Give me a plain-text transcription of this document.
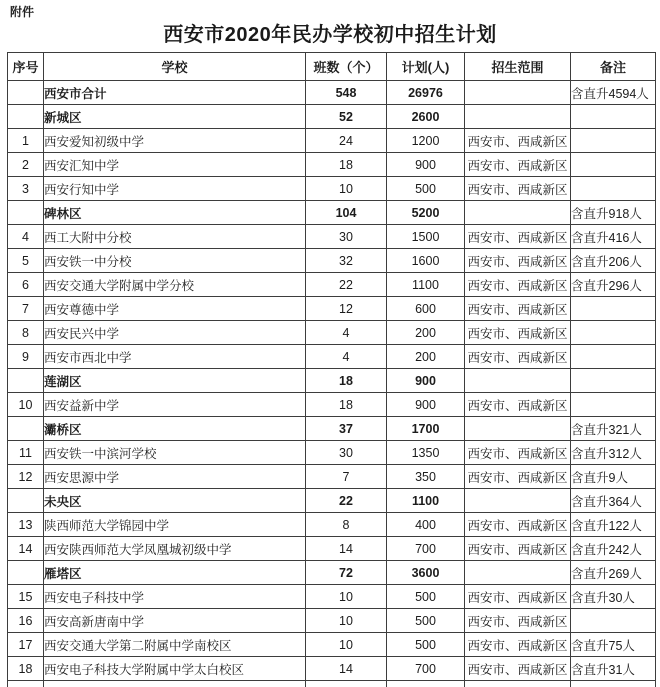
附件
西安市2020年民办学校初中招生计划
序号	学校	班数（个）	计划(人)	招生范围	备注
	西安市合计	548	26976		含直升4594人
	新城区	52	2600		
1	西安爱知初级中学	24	1200	西安市、西咸新区	
2	西安汇知中学	18	900	西安市、西咸新区	
3	西安行知中学	10	500	西安市、西咸新区	
	碑林区	104	5200		含直升918人
4	西工大附中分校	30	1500	西安市、西咸新区	含直升416人
5	西安铁一中分校	32	1600	西安市、西咸新区	含直升206人
6	西安交通大学附属中学分校	22	1100	西安市、西咸新区	含直升296人
7	西安尊德中学	12	600	西安市、西咸新区	
8	西安民兴中学	4	200	西安市、西咸新区	
9	西安市西北中学	4	200	西安市、西咸新区	
	莲湖区	18	900		
10	西安益新中学	18	900	西安市、西咸新区	
	灞桥区	37	1700		含直升321人
11	西安铁一中滨河学校	30	1350	西安市、西咸新区	含直升312人
12	西安思源中学	7	350	西安市、西咸新区	含直升9人
	未央区	22	1100		含直升364人
13	陕西师范大学锦园中学	8	400	西安市、西咸新区	含直升122人
14	西安陕西师范大学凤凰城初级中学	14	700	西安市、西咸新区	含直升242人
	雁塔区	72	3600		含直升269人
15	西安电子科技中学	10	500	西安市、西咸新区	含直升30人
16	西安高新唐南中学	10	500	西安市、西咸新区	
17	西安交通大学第二附属中学南校区	10	500	西安市、西咸新区	含直升75人
18	西安电子科技大学附属中学太白校区	14	700	西安市、西咸新区	含直升31人
